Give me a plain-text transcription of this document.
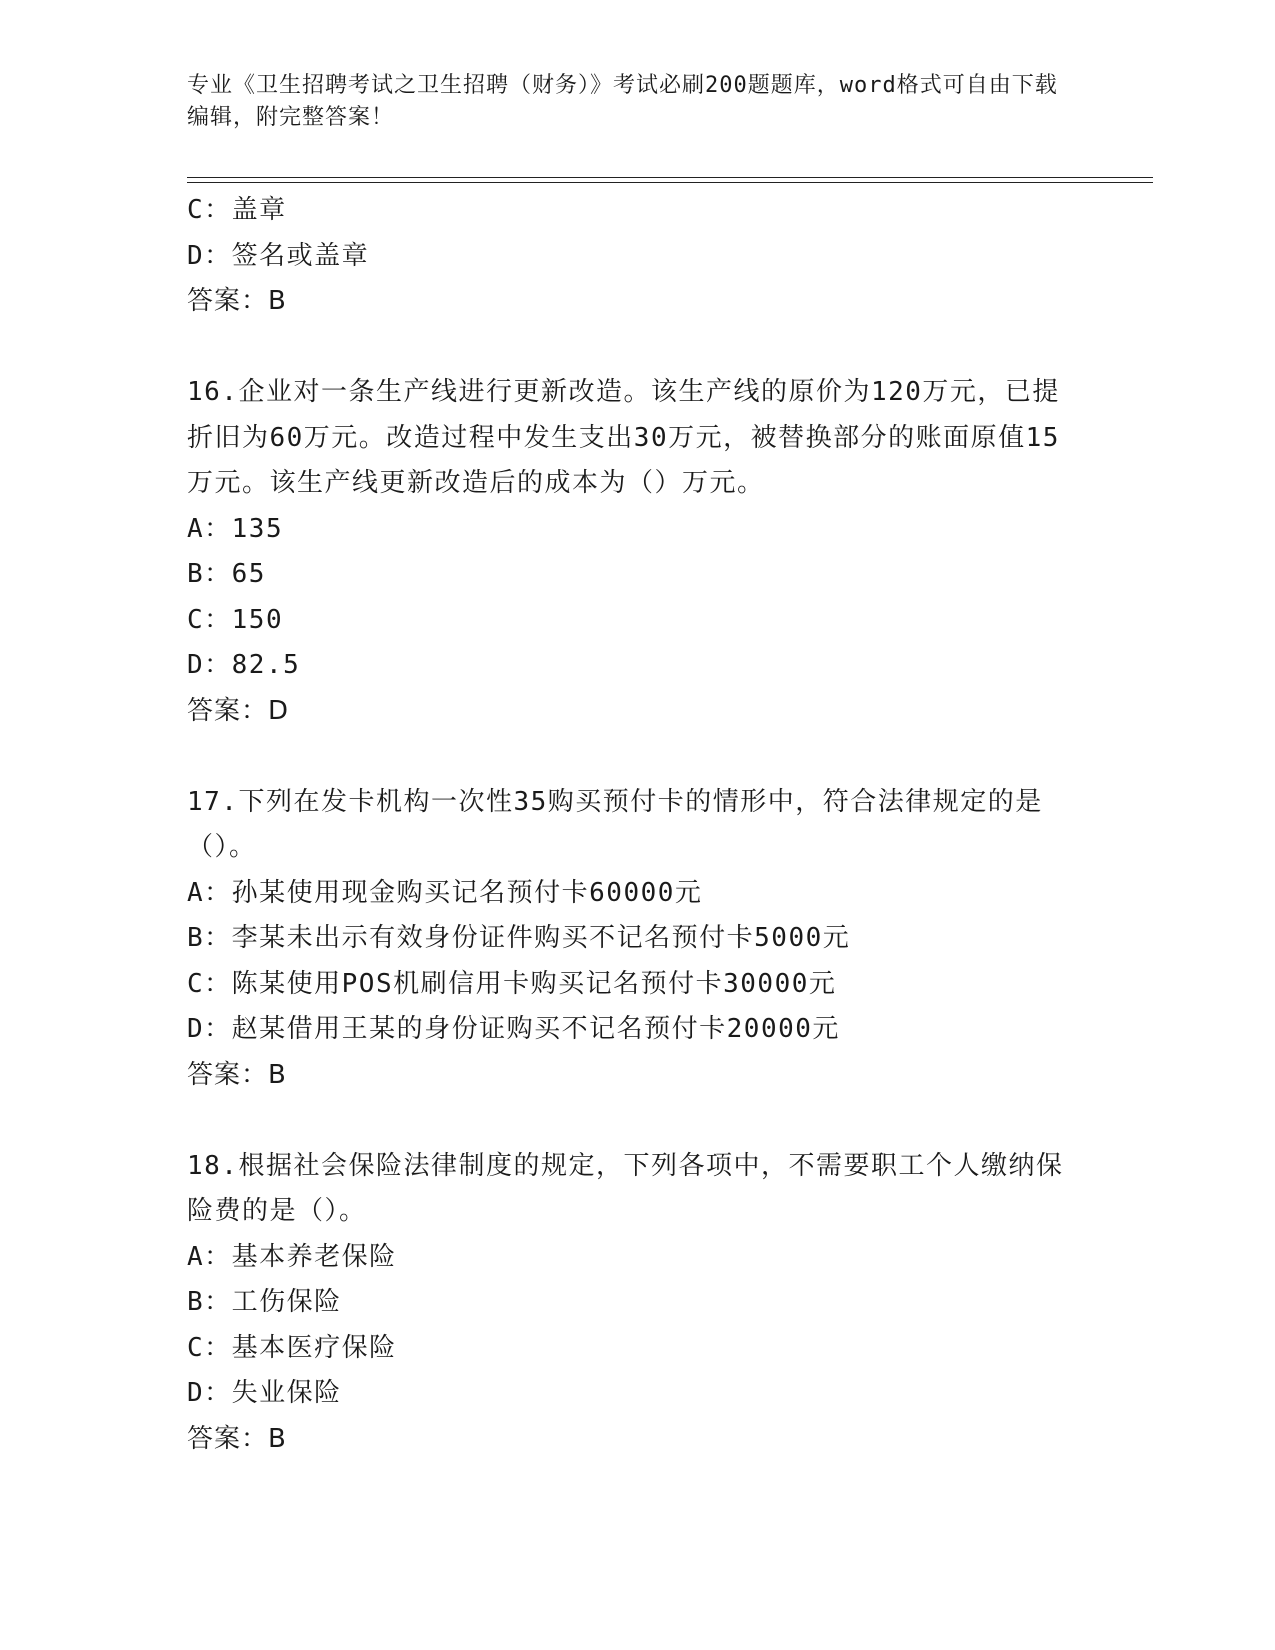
专业《卫生招聘考试之卫生招聘（财务）》考试必刷200题题库，word格式可自由下载编辑，附完整答案！
C：盖章
D：签名或盖章
答案：B
16.企业对一条生产线进行更新改造。该生产线的原价为120万元，已提折旧为60万元。改造过程中发生支出30万元，被替换部分的账面原值15万元。该生产线更新改造后的成本为（）万元。
A：135
B：65
C：150
D：82.5
答案：D
17.下列在发卡机构一次性35购买预付卡的情形中，符合法律规定的是（）。
A：孙某使用现金购买记名预付卡60000元
B：李某未出示有效身份证件购买不记名预付卡5000元
C：陈某使用POS机刷信用卡购买记名预付卡30000元
D：赵某借用王某的身份证购买不记名预付卡20000元
答案：B
18.根据社会保险法律制度的规定，下列各项中，不需要职工个人缴纳保险费的是（）。
A：基本养老保险
B：工伤保险
C：基本医疗保险
D：失业保险
答案：B
